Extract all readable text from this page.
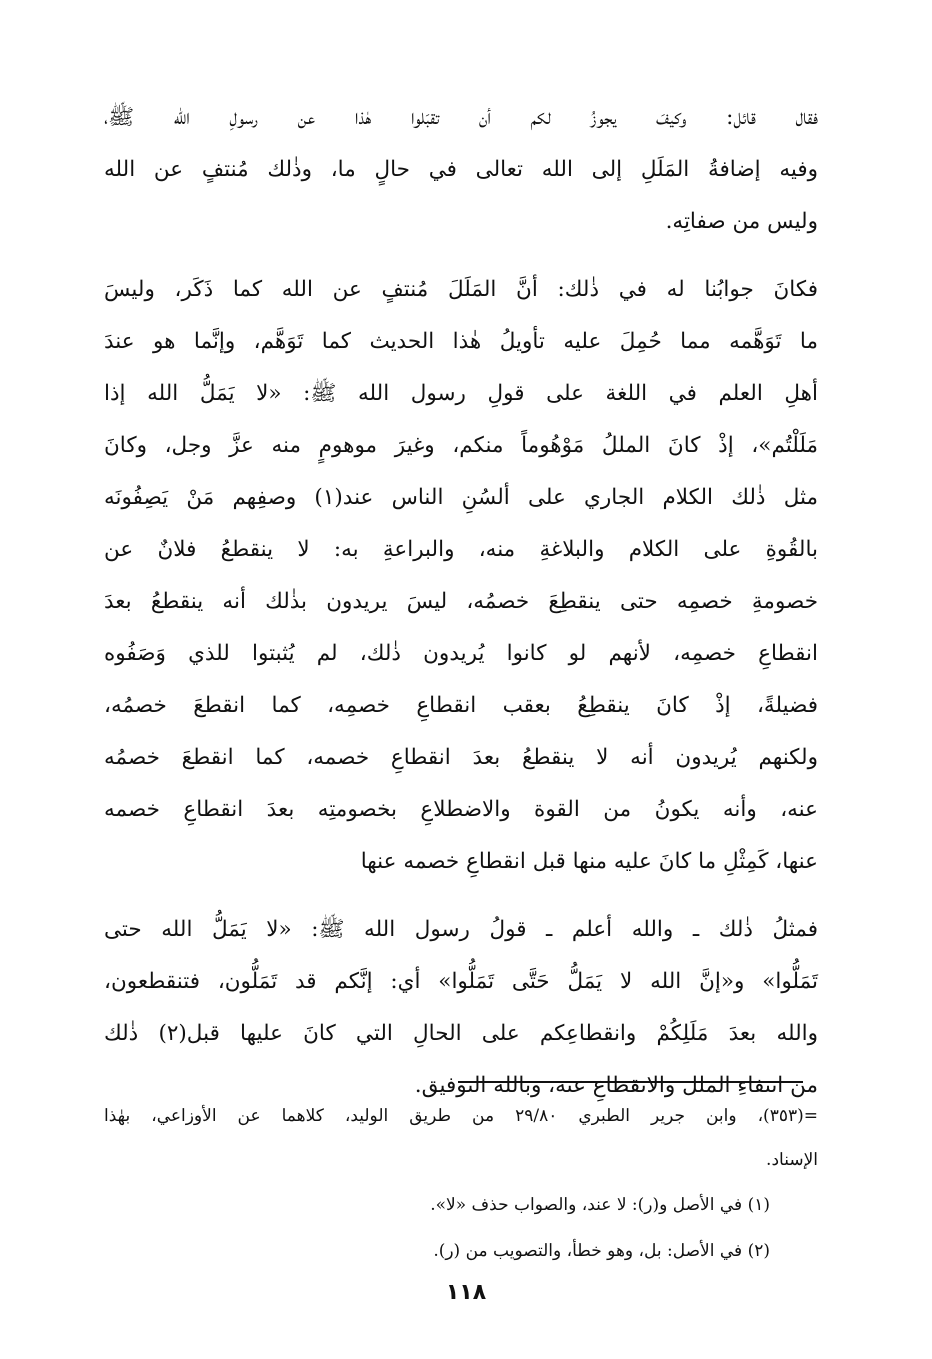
فقال قائل: وكيفَ يجوزُ لكم أن تقبَلوا هٰذا عن رسولِ الله ﷺ،
وفيه إضافةُ المَلَلِ إلى الله تعالى في حالٍ ما، وذٰلك مُنتفٍ عن الله
وليس من صفاتِه.
فكانَ جوابُنا له في ذٰلك: أنَّ المَلَلَ مُنتفٍ عن الله كما ذَكَر، وليسَ
ما تَوَهَّمه مما حُمِلَ عليه تأويلُ هٰذا الحديث كما تَوَهَّم، وإنَّما هو عندَ
أهلِ العلم في اللغة على قولِ رسول الله ﷺ: «لا يَمَلُّ الله إذا
مَلَلْتُم»، إذْ كانَ المللُ مَوْهُوماً منكم، وغيرَ موهومٍ منه عزَّ وجل، وكانَ
مثل ذٰلك الكلام الجاري على ألسُنِ الناس عند(١) وصفِهم مَنْ يَصِفُونَه
بالقُوةِ على الكلام والبلاغةِ منه، والبراعةِ به: لا ينقطعُ فلانٌ عن
خصومةِ خصمِه حتى ينقطِعَ خصمُه، ليسَ يريدون بذٰلك أنه ينقطعُ بعدَ
انقطاعِ خصمِه، لأنهم لو كانوا يُريدون ذٰلك، لم يُثبتوا للذي وَصَفُوه
فضيلةً، إذْ كانَ ينقطِعُ بعقب انقطاعِ خصمِه، كما انقطعَ خصمُه،
ولكنهم يُريدون أنه لا ينقطعُ بعدَ انقطاعِ خصمه، كما انقطعَ خصمُه
عنه، وأنه يكونُ من القوة والاضطلاعِ بخصومتِه بعدَ انقطاعِ خصمه
عنها، كَمِثْلِ ما كانَ عليه منها قبل انقطاعِ خصمه عنها
فمثلُ ذٰلك ـ والله أعلم ـ قولُ رسول الله ﷺ: «لا يَمَلُّ الله حتى
تَمَلُّوا» و«إنَّ الله لا يَمَلُّ حَتَّى تَمَلُّوا» أي: إنَّكم قد تَمَلُّون، فتنقطعون،
والله بعدَ مَلَلِكُمْ وانقطاعِكم على الحالِ التي كانَ عليها قبل(٢) ذٰلك
من انتفاءِ الملل والانقطاعِ عنه، وبالله التوفيق.
=(٣٥٣)، وابن جرير الطبري ٢٩/٨٠ من طريق الوليد، كلاهما عن الأوزاعي، بهٰذا
الإسناد.
(١) في الأصل و(ر): لا عند، والصواب حذف «لا».
(٢) في الأصل: بل، وهو خطأ، والتصويب من (ر).
١١٨
